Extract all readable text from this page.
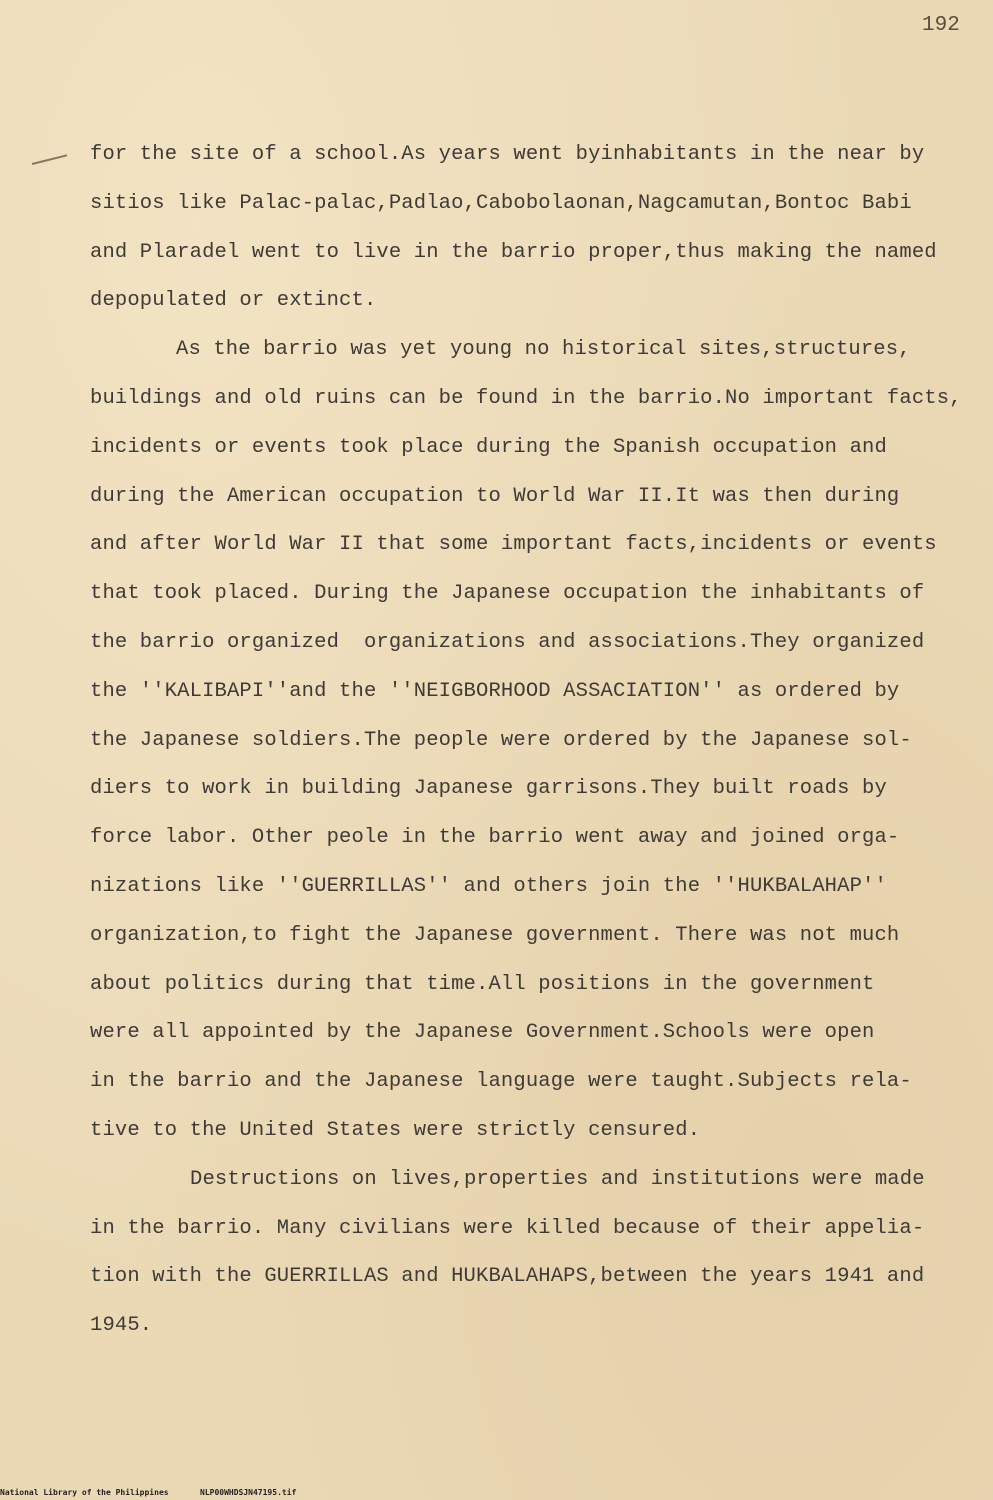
192
for the site of a school.As years went byinhabitants in the near by
sitios like Palac-palac,Padlao,Cabobolaonan,Nagcamutan,Bontoc Babi
and Plaradel went to live in the barrio proper,thus making the named
depopulated or extinct.
As the barrio was yet young no historical sites,structures,
buildings and old ruins can be found in the barrio.No important facts,
incidents or events took place during the Spanish occupation and
during the American occupation to World War II.It was then during
and after World War II that some important facts,incidents or events
that took placed. During the Japanese occupation the inhabitants of
the barrio organized  organizations and associations.They organized
the ''KALIBAPI''and the ''NEIGBORHOOD ASSACIATION'' as ordered by
the Japanese soldiers.The people were ordered by the Japanese sol-
diers to work in building Japanese garrisons.They built roads by
force labor. Other peole in the barrio went away and joined orga-
nizations like ''GUERRILLAS'' and others join the ''HUKBALAHAP''
organization,to fight the Japanese government. There was not much
about politics during that time.All positions in the government
were all appointed by the Japanese Government.Schools were open
in the barrio and the Japanese language were taught.Subjects rela-
tive to the United States were strictly censured.
Destructions on lives,properties and institutions were made
in the barrio. Many civilians were killed because of their appelia-
tion with the GUERRILLAS and HUKBALAHAPS,between the years 1941 and
1945.
National Library of the Philippines	NLP00WHDSJN47195.tif
